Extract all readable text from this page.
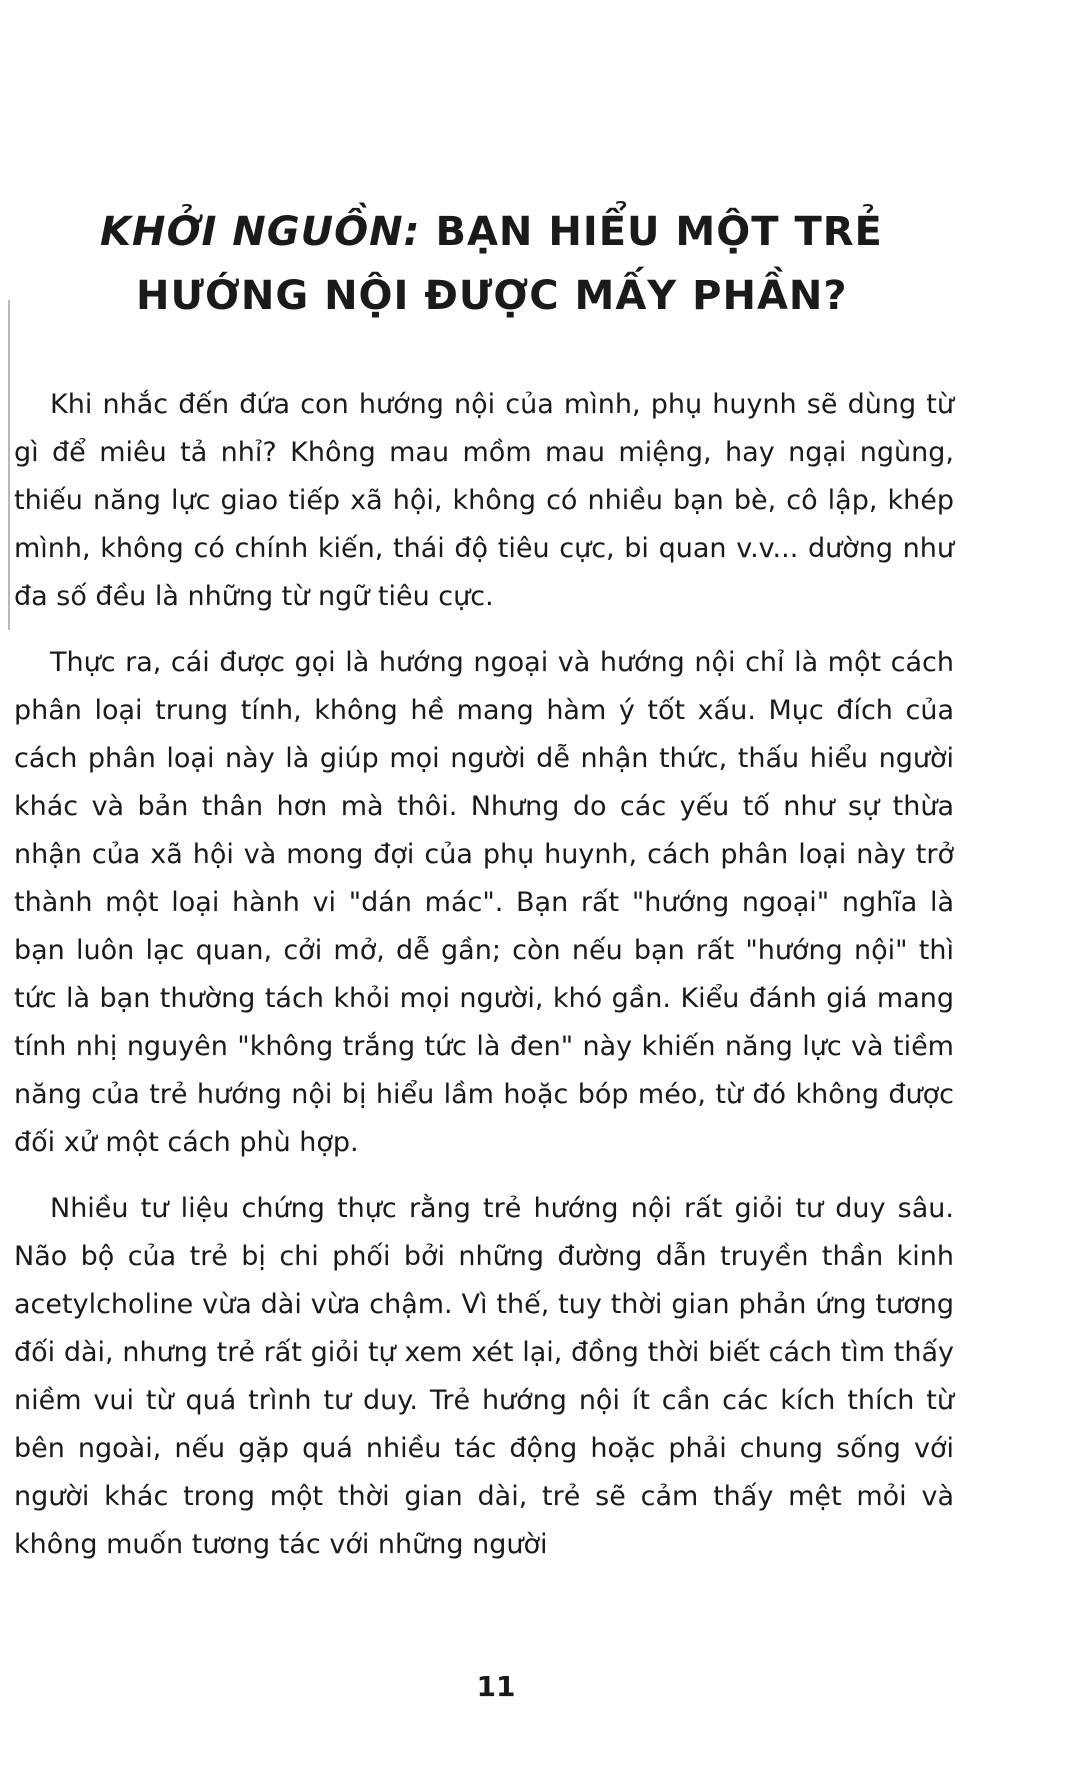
KHỞI NGUỒN: BẠN HIỂU MỘT TRẺ
HƯỚNG NỘI ĐƯỢC MẤY PHẦN?

Khi nhắc đến đứa con hướng nội của mình, phụ huynh sẽ dùng từ gì để miêu tả nhỉ? Không mau mồm mau miệng, hay ngại ngùng, thiếu năng lực giao tiếp xã hội, không có nhiều bạn bè, cô lập, khép mình, không có chính kiến, thái độ tiêu cực, bi quan v.v... dường như đa số đều là những từ ngữ tiêu cực.

Thực ra, cái được gọi là hướng ngoại và hướng nội chỉ là một cách phân loại trung tính, không hề mang hàm ý tốt xấu. Mục đích của cách phân loại này là giúp mọi người dễ nhận thức, thấu hiểu người khác và bản thân hơn mà thôi. Nhưng do các yếu tố như sự thừa nhận của xã hội và mong đợi của phụ huynh, cách phân loại này trở thành một loại hành vi "dán mác". Bạn rất "hướng ngoại" nghĩa là bạn luôn lạc quan, cởi mở, dễ gần; còn nếu bạn rất "hướng nội" thì tức là bạn thường tách khỏi mọi người, khó gần. Kiểu đánh giá mang tính nhị nguyên "không trắng tức là đen" này khiến năng lực và tiềm năng của trẻ hướng nội bị hiểu lầm hoặc bóp méo, từ đó không được đối xử một cách phù hợp.

Nhiều tư liệu chứng thực rằng trẻ hướng nội rất giỏi tư duy sâu. Não bộ của trẻ bị chi phối bởi những đường dẫn truyền thần kinh acetylcholine vừa dài vừa chậm. Vì thế, tuy thời gian phản ứng tương đối dài, nhưng trẻ rất giỏi tự xem xét lại, đồng thời biết cách tìm thấy niềm vui từ quá trình tư duy. Trẻ hướng nội ít cần các kích thích từ bên ngoài, nếu gặp quá nhiều tác động hoặc phải chung sống với người khác trong một thời gian dài, trẻ sẽ cảm thấy mệt mỏi và không muốn tương tác với những người

11
